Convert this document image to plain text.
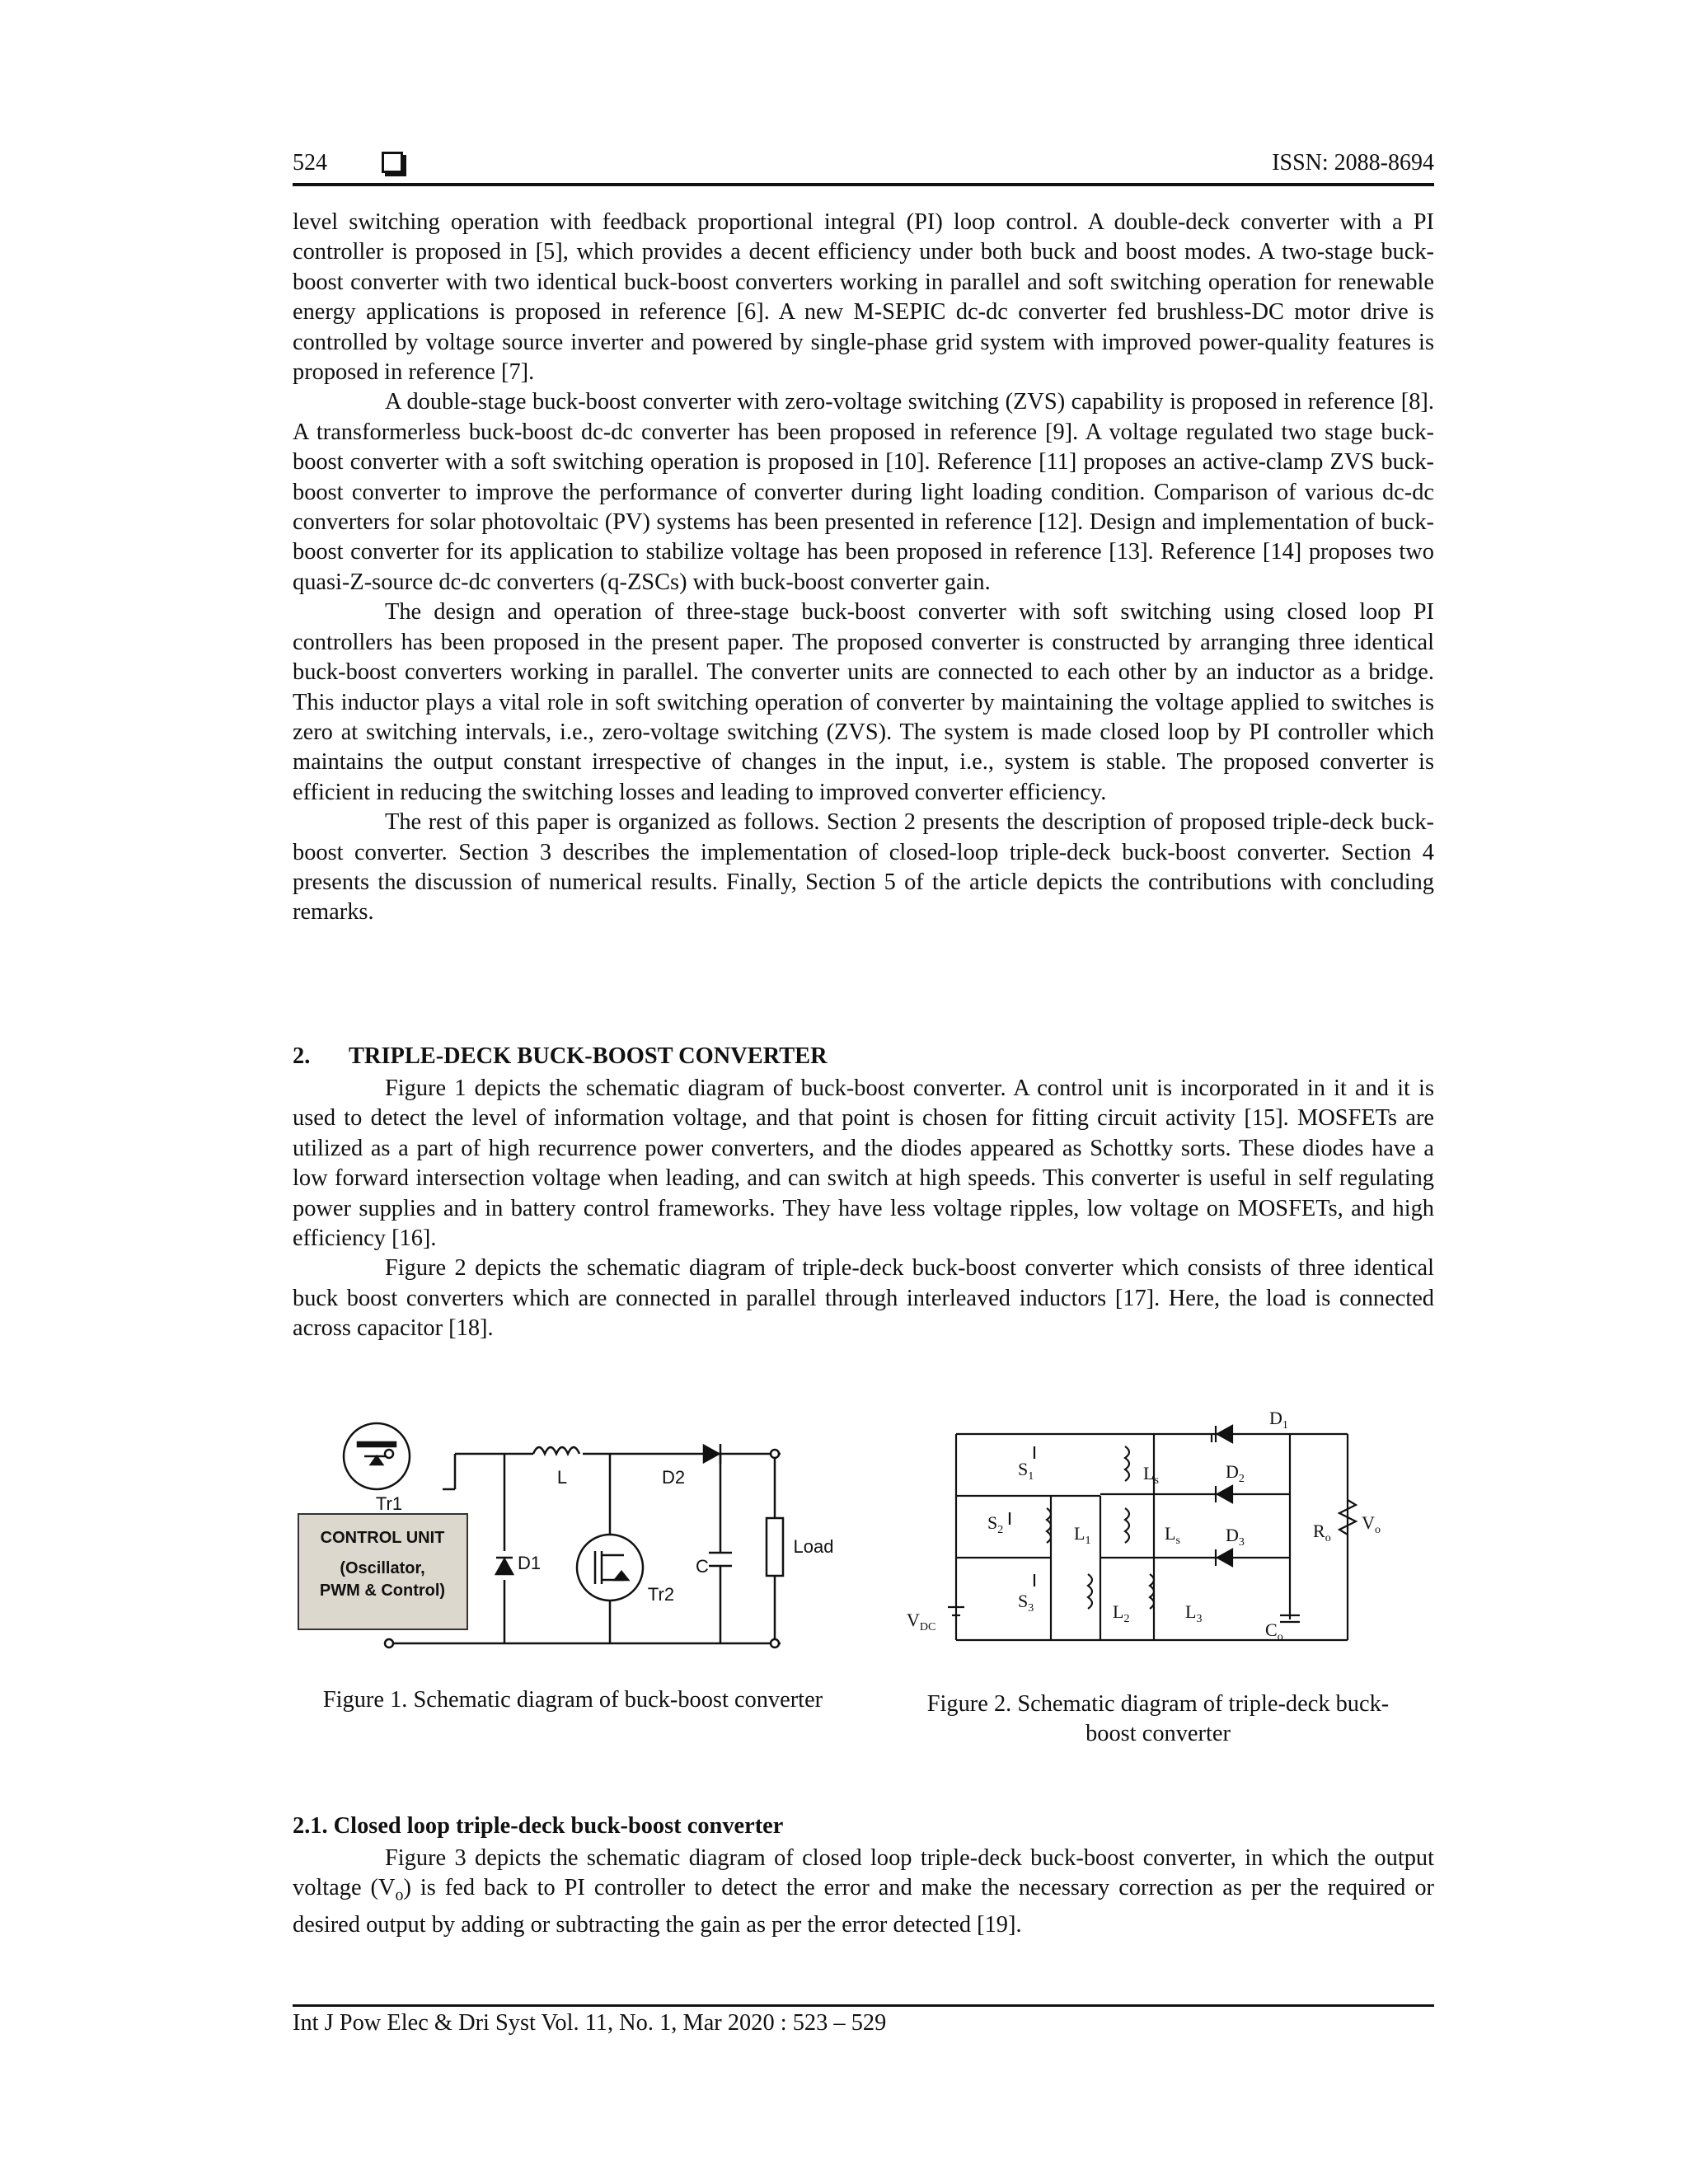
524	ISSN: 2088-8694

level switching operation with feedback proportional integral (PI) loop control. A double-deck converter with a PI controller is proposed in [5], which provides a decent efficiency under both buck and boost modes. A two-stage buck-boost converter with two identical buck-boost converters working in parallel and soft switching operation for renewable energy applications is proposed in reference [6]. A new M-SEPIC dc-dc converter fed brushless-DC motor drive is controlled by voltage source inverter and powered by single-phase grid system with improved power-quality features is proposed in reference [7].

A double-stage buck-boost converter with zero-voltage switching (ZVS) capability is proposed in reference [8]. A transformerless buck-boost dc-dc converter has been proposed in reference [9]. A voltage regulated two stage buck-boost converter with a soft switching operation is proposed in [10]. Reference [11] proposes an active-clamp ZVS buck-boost converter to improve the performance of converter during light loading condition. Comparison of various dc-dc converters for solar photovoltaic (PV) systems has been presented in reference [12]. Design and implementation of buck-boost converter for its application to stabilize voltage has been proposed in reference [13]. Reference [14] proposes two quasi-Z-source dc-dc converters (q-ZSCs) with buck-boost converter gain.

The design and operation of three-stage buck-boost converter with soft switching using closed loop PI controllers has been proposed in the present paper. The proposed converter is constructed by arranging three identical buck-boost converters working in parallel. The converter units are connected to each other by an inductor as a bridge. This inductor plays a vital role in soft switching operation of converter by maintaining the voltage applied to switches is zero at switching intervals, i.e., zero-voltage switching (ZVS). The system is made closed loop by PI controller which maintains the output constant irrespective of changes in the input, i.e., system is stable. The proposed converter is efficient in reducing the switching losses and leading to improved converter efficiency.

The rest of this paper is organized as follows. Section 2 presents the description of proposed triple-deck buck-boost converter. Section 3 describes the implementation of closed-loop triple-deck buck-boost converter. Section 4 presents the discussion of numerical results. Finally, Section 5 of the article depicts the contributions with concluding remarks.

2. TRIPLE-DECK BUCK-BOOST CONVERTER

Figure 1 depicts the schematic diagram of buck-boost converter. A control unit is incorporated in it and it is used to detect the level of information voltage, and that point is chosen for fitting circuit activity [15]. MOSFETs are utilized as a part of high recurrence power converters, and the diodes appeared as Schottky sorts. These diodes have a low forward intersection voltage when leading, and can switch at high speeds. This converter is useful in self regulating power supplies and in battery control frameworks. They have less voltage ripples, low voltage on MOSFETs, and high efficiency [16].

Figure 2 depicts the schematic diagram of triple-deck buck-boost converter which consists of three identical buck boost converters which are connected in parallel through interleaved inductors [17]. Here, the load is connected across capacitor [18].

CONTROL UNIT
(Oscillator,
PWM & Control)
Tr1
L
D1
D2
Tr2
C
Load
Figure 1. Schematic diagram of buck-boost converter
$S_1$
$S_2$
$S_3$
$L_s$
$L_s$
$L_1$
$L_2$	$L_3$
$D_1$
$D_2$
$D_3$
$R_o$
$V_o$
$V_{DC}$	$C_o$
Figure 2. Schematic diagram of triple-deck buck-
boost converter
2.1. Closed loop triple-deck buck-boost converter

Figure 3 depicts the schematic diagram of closed loop triple-deck buck-boost converter, in which the output voltage $(V_o)$ is fed back to PI controller to detect the error and make the necessary correction as per the required or desired output by adding or subtracting the gain as per the error detected [19].

Int J Pow Elec & Dri Syst Vol. 11, No. 1, Mar 2020 : 523 – 529
